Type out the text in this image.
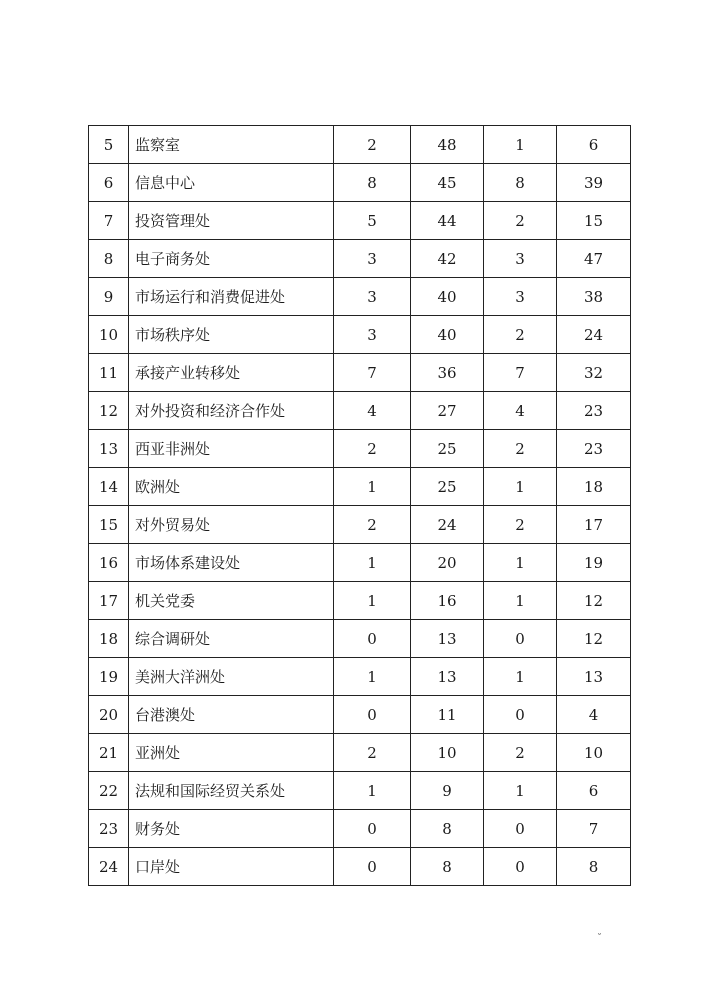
5	监察室	2	48	1	6
6	信息中心	8	45	8	39
7	投资管理处	5	44	2	15
8	电子商务处	3	42	3	47
9	市场运行和消费促进处	3	40	3	38
10	市场秩序处	3	40	2	24
11	承接产业转移处	7	36	7	32
12	对外投资和经济合作处	4	27	4	23
13	西亚非洲处	2	25	2	23
14	欧洲处	1	25	1	18
15	对外贸易处	2	24	2	17
16	市场体系建设处	1	20	1	19
17	机关党委	1	16	1	12
18	综合调研处	0	13	0	12
19	美洲大洋洲处	1	13	1	13
20	台港澳处	0	11	0	4
21	亚洲处	2	10	2	10
22	法规和国际经贸关系处	1	9	1	6
23	财务处	0	8	0	7
24	口岸处	0	8	0	8
˘
